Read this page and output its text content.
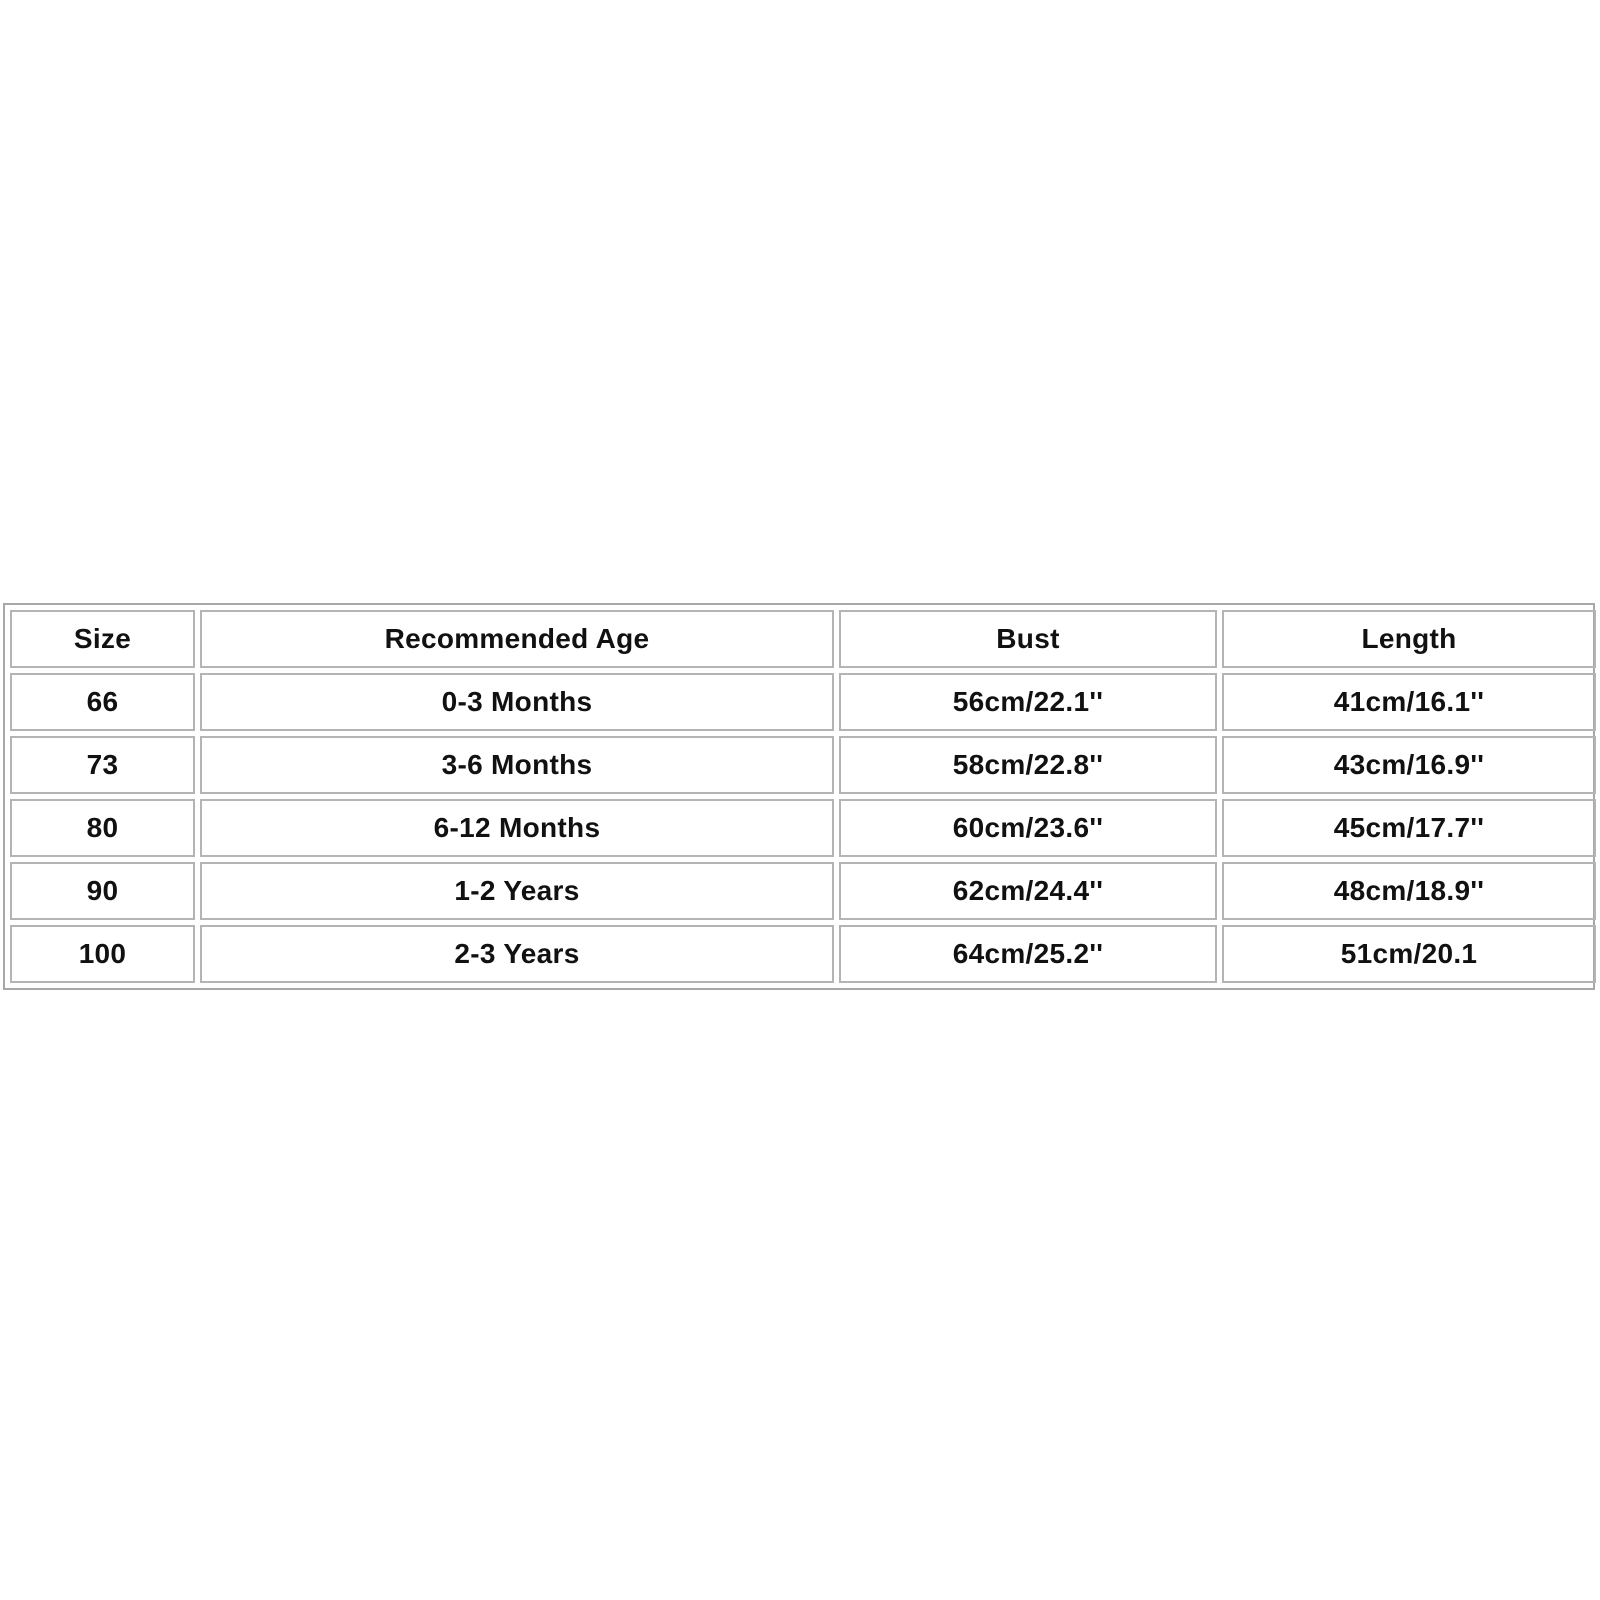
Size	Recommended Age	Bust	Length
66	0-3 Months	56cm/22.1''	41cm/16.1''
73	3-6 Months	58cm/22.8''	43cm/16.9''
80	6-12 Months	60cm/23.6''	45cm/17.7''
90	1-2 Years	62cm/24.4''	48cm/18.9''
100	2-3 Years	64cm/25.2''	51cm/20.1
